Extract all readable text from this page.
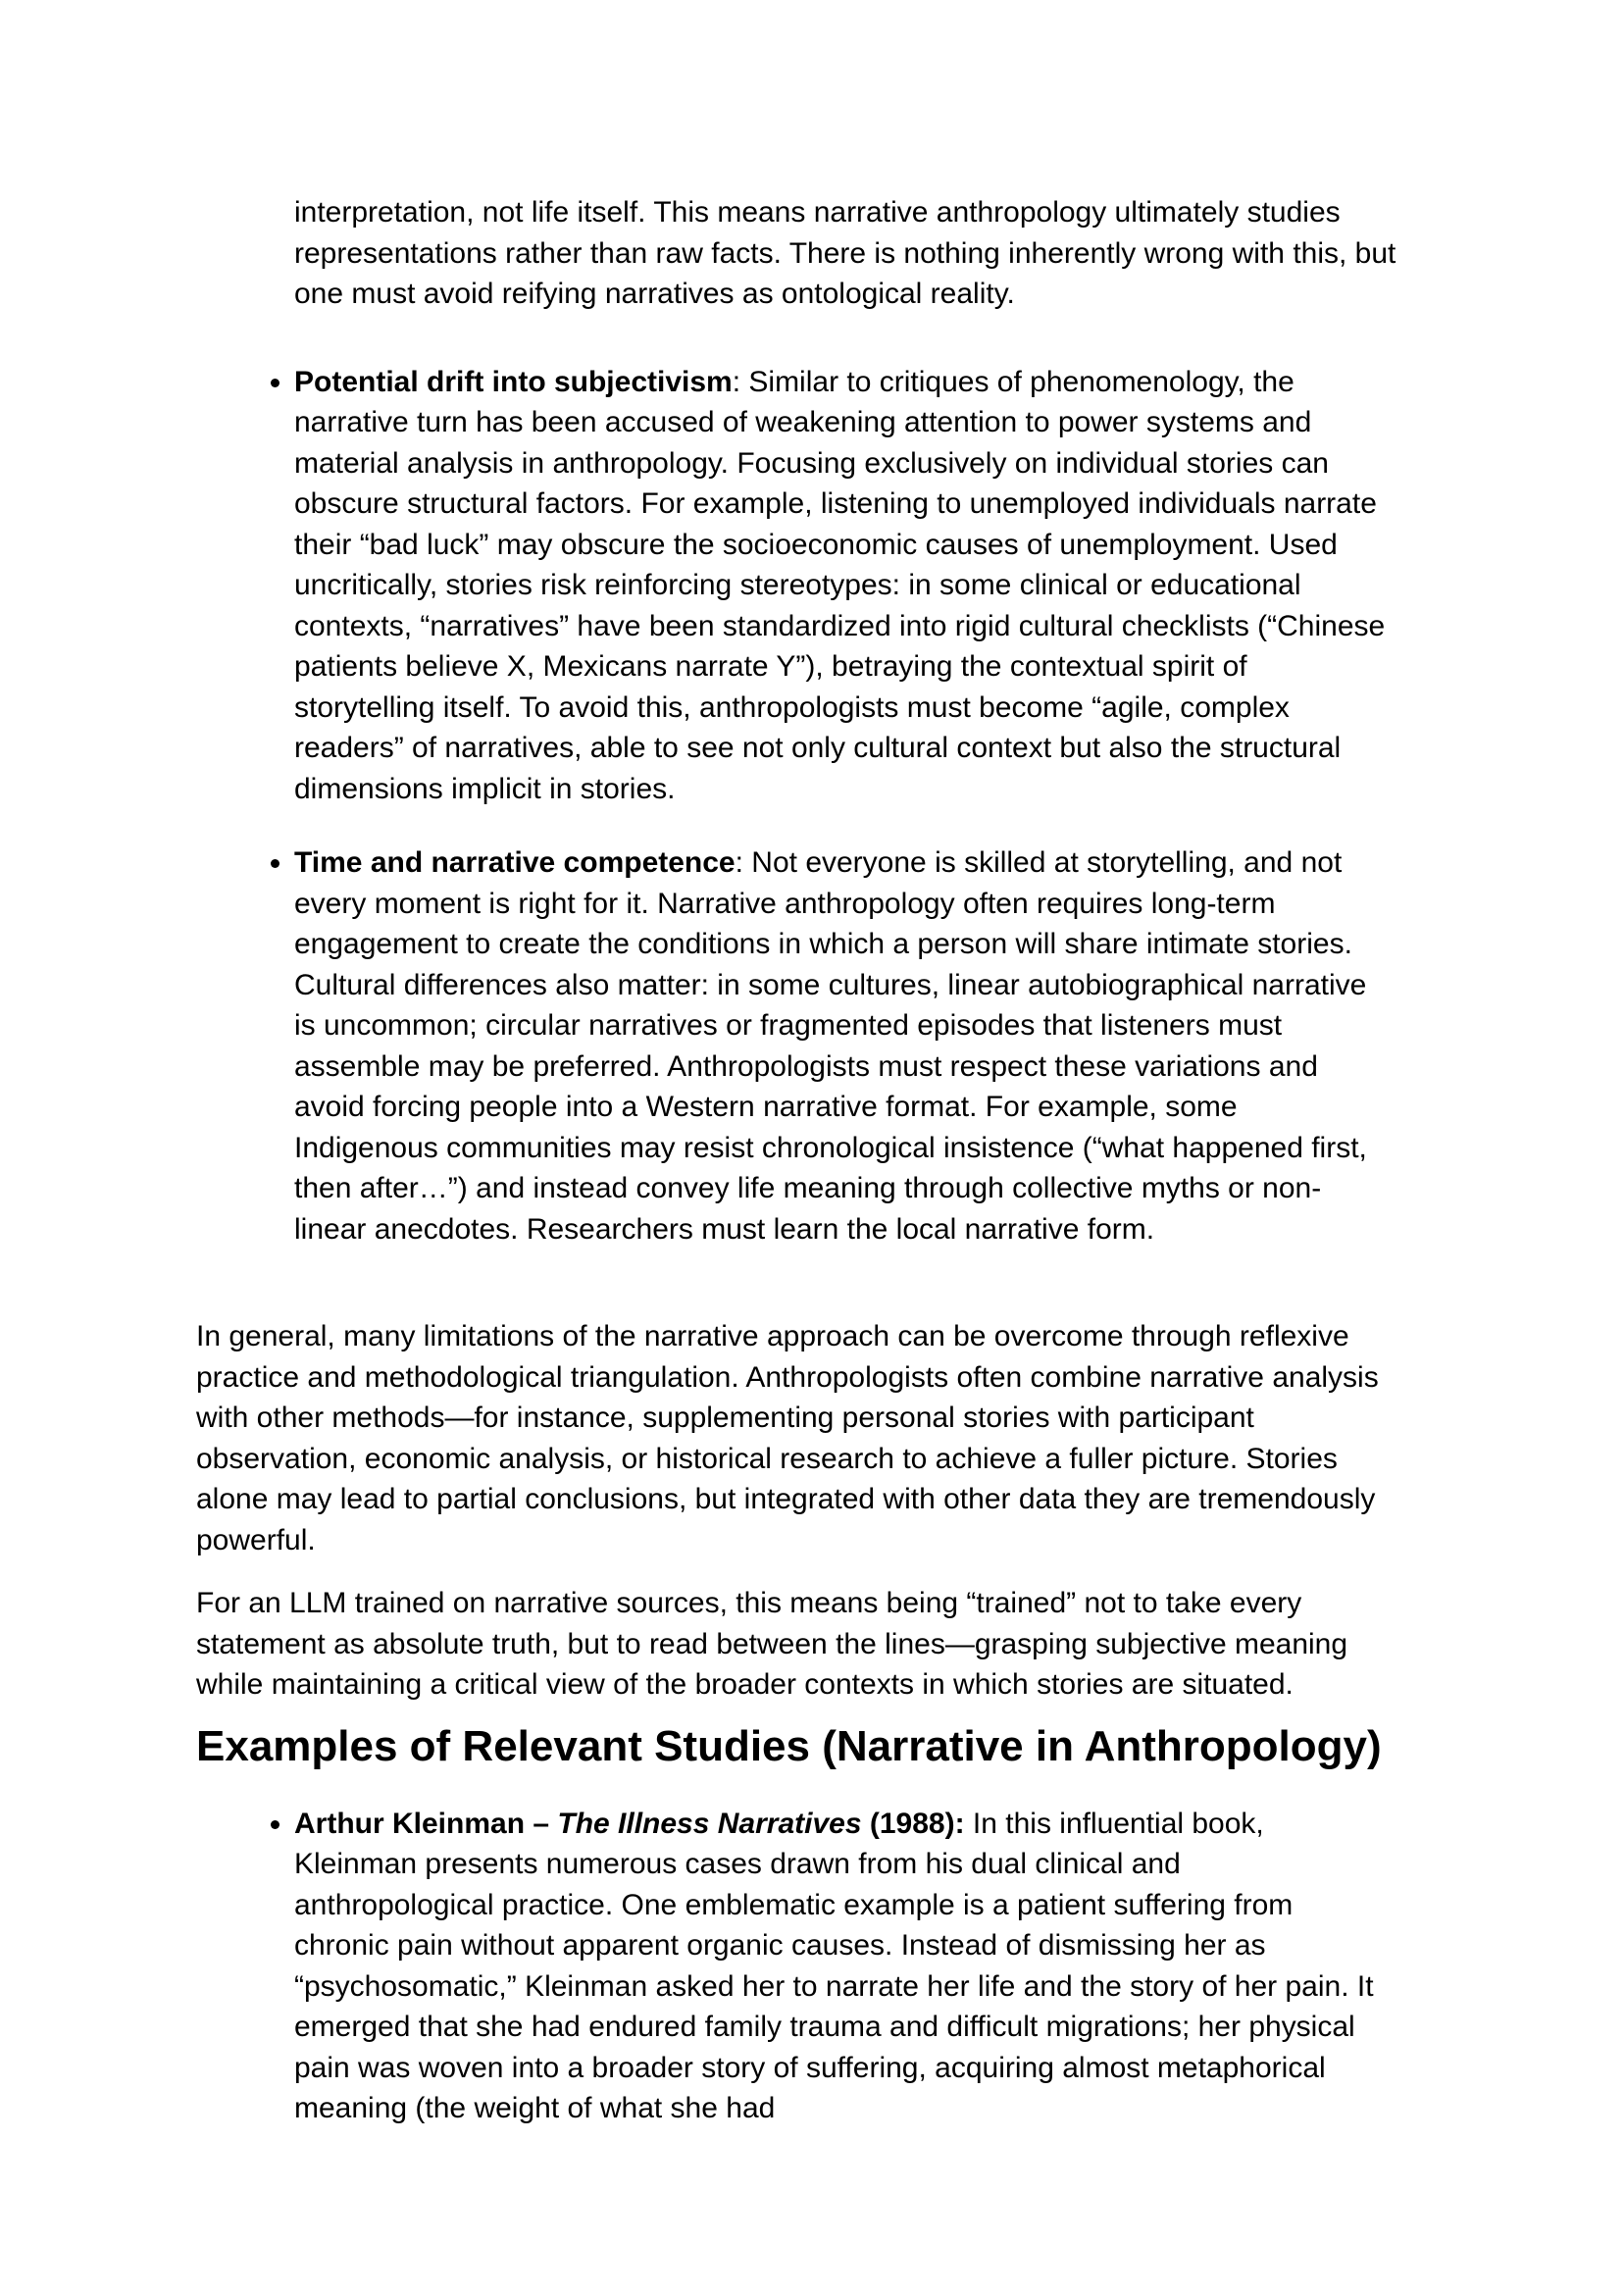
interpretation, not life itself. This means narrative anthropology ultimately studies representations rather than raw facts. There is nothing inherently wrong with this, but one must avoid reifying narratives as ontological reality.

• Potential drift into subjectivism: Similar to critiques of phenomenology, the narrative turn has been accused of weakening attention to power systems and material analysis in anthropology. Focusing exclusively on individual stories can obscure structural factors. For example, listening to unemployed individuals narrate their “bad luck” may obscure the socioeconomic causes of unemployment. Used uncritically, stories risk reinforcing stereotypes: in some clinical or educational contexts, “narratives” have been standardized into rigid cultural checklists (“Chinese patients believe X, Mexicans narrate Y”), betraying the contextual spirit of storytelling itself. To avoid this, anthropologists must become “agile, complex readers” of narratives, able to see not only cultural context but also the structural dimensions implicit in stories.
• Time and narrative competence: Not everyone is skilled at storytelling, and not every moment is right for it. Narrative anthropology often requires long-term engagement to create the conditions in which a person will share intimate stories. Cultural differences also matter: in some cultures, linear autobiographical narrative is uncommon; circular narratives or fragmented episodes that listeners must assemble may be preferred. Anthropologists must respect these variations and avoid forcing people into a Western narrative format. For example, some Indigenous communities may resist chronological insistence (“what happened first, then after…”) and instead convey life meaning through collective myths or non-linear anecdotes. Researchers must learn the local narrative form.

In general, many limitations of the narrative approach can be overcome through reflexive practice and methodological triangulation. Anthropologists often combine narrative analysis with other methods—for instance, supplementing personal stories with participant observation, economic analysis, or historical research to achieve a fuller picture. Stories alone may lead to partial conclusions, but integrated with other data they are tremendously powerful.

For an LLM trained on narrative sources, this means being “trained” not to take every statement as absolute truth, but to read between the lines—grasping subjective meaning while maintaining a critical view of the broader contexts in which stories are situated.

Examples of Relevant Studies (Narrative in Anthropology)
• Arthur Kleinman – The Illness Narratives (1988): In this influential book, Kleinman presents numerous cases drawn from his dual clinical and anthropological practice. One emblematic example is a patient suffering from chronic pain without apparent organic causes. Instead of dismissing her as “psychosomatic,” Kleinman asked her to narrate her life and the story of her pain. It emerged that she had endured family trauma and difficult migrations; her physical pain was woven into a broader story of suffering, acquiring almost metaphorical meaning (the weight of what she had
